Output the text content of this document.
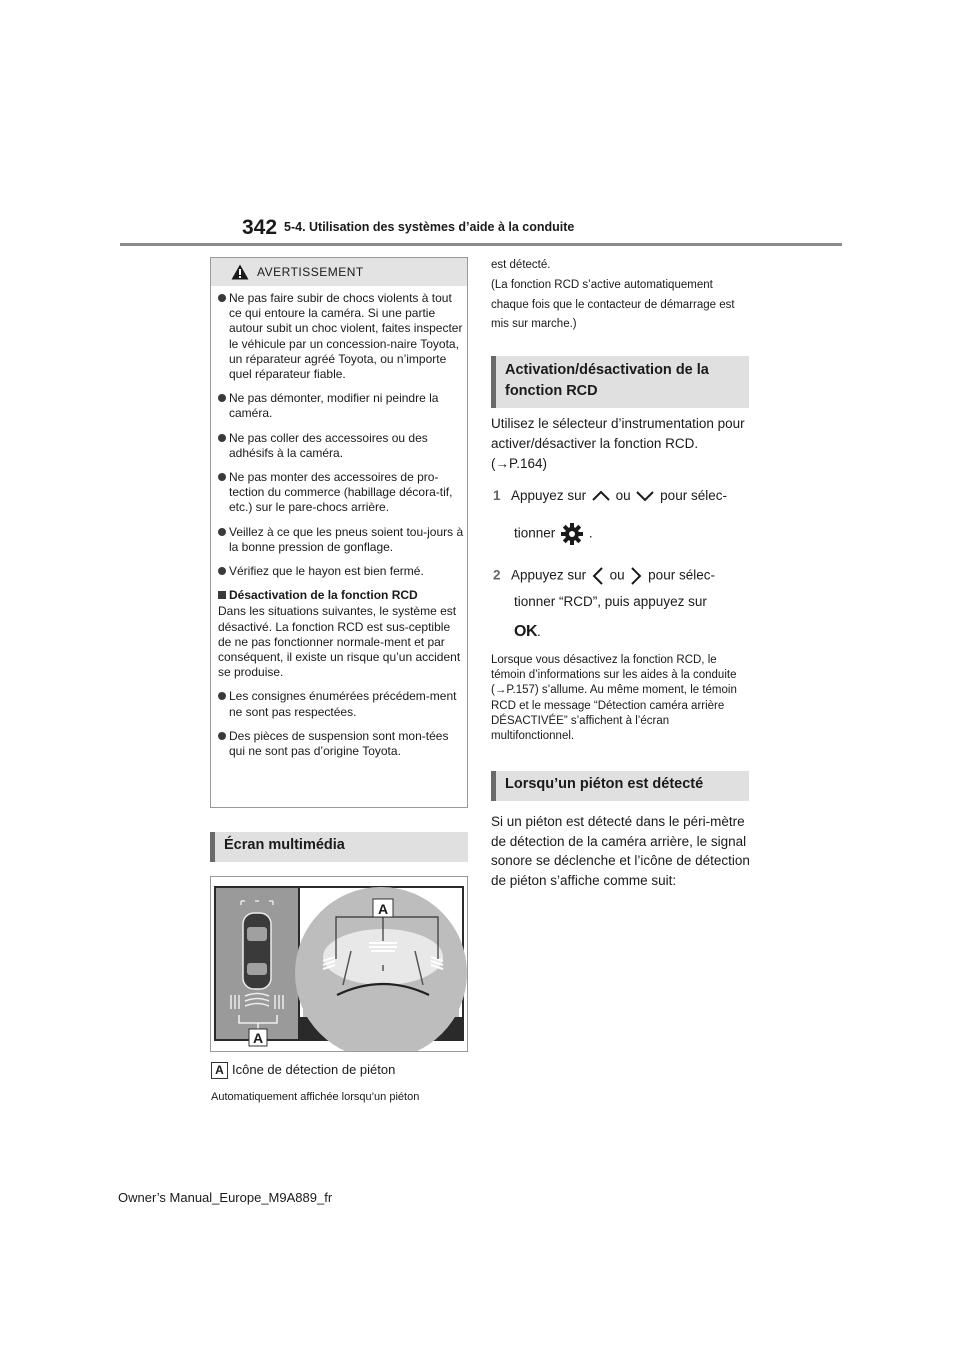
342 5-4. Utilisation des systèmes d’aide à la conduite
AVERTISSEMENT
Ne pas faire subir de chocs violents à tout ce qui entoure la caméra. Si une partie autour subit un choc violent, faites inspecter le véhicule par un concession-naire Toyota, un réparateur agréé Toyota, ou n’importe quel réparateur fiable.
Ne pas démonter, modifier ni peindre la caméra.
Ne pas coller des accessoires ou des adhésifs à la caméra.
Ne pas monter des accessoires de pro-tection du commerce (habillage décora-tif, etc.) sur le pare-chocs arrière.
Veillez à ce que les pneus soient tou-jours à la bonne pression de gonflage.
Vérifiez que le hayon est bien fermé.
Désactivation de la fonction RCD
Dans les situations suivantes, le système est désactivé. La fonction RCD est sus-ceptible de ne pas fonctionner normale-ment et par conséquent, il existe un risque qu’un accident se produise.
Les consignes énumérées précédem-ment ne sont pas respectées.
Des pièces de suspension sont mon-tées qui ne sont pas d’origine Toyota.
Écran multimédia
A
A
A Icône de détection de piéton
Automatiquement affichée lorsqu’un piéton
est détecté.
(La fonction RCD s’active automatiquement chaque fois que le contacteur de démarrage est mis sur marche.)
Activation/désactivation de la fonction RCD
Utilisez le sélecteur d’instrumentation pour activer/désactiver la fonction RCD. (→P.164)
1 Appuyez sur ou pour sélec-
tionner .
2 Appuyez sur ou pour sélec-
tionner “RCD”, puis appuyez sur
OK.
Lorsque vous désactivez la fonction RCD, le témoin d’informations sur les aides à la conduite (→P.157) s’allume. Au même moment, le témoin RCD et le message “Détection caméra arrière DÉSACTIVÉE” s’affichent à l’écran multifonctionnel.
Lorsqu’un piéton est détecté
Si un piéton est détecté dans le péri-mètre de détection de la caméra arrière, le signal sonore se déclenche et l’icône de détection de piéton s’affiche comme suit:
Owner’s Manual_Europe_M9A889_fr
